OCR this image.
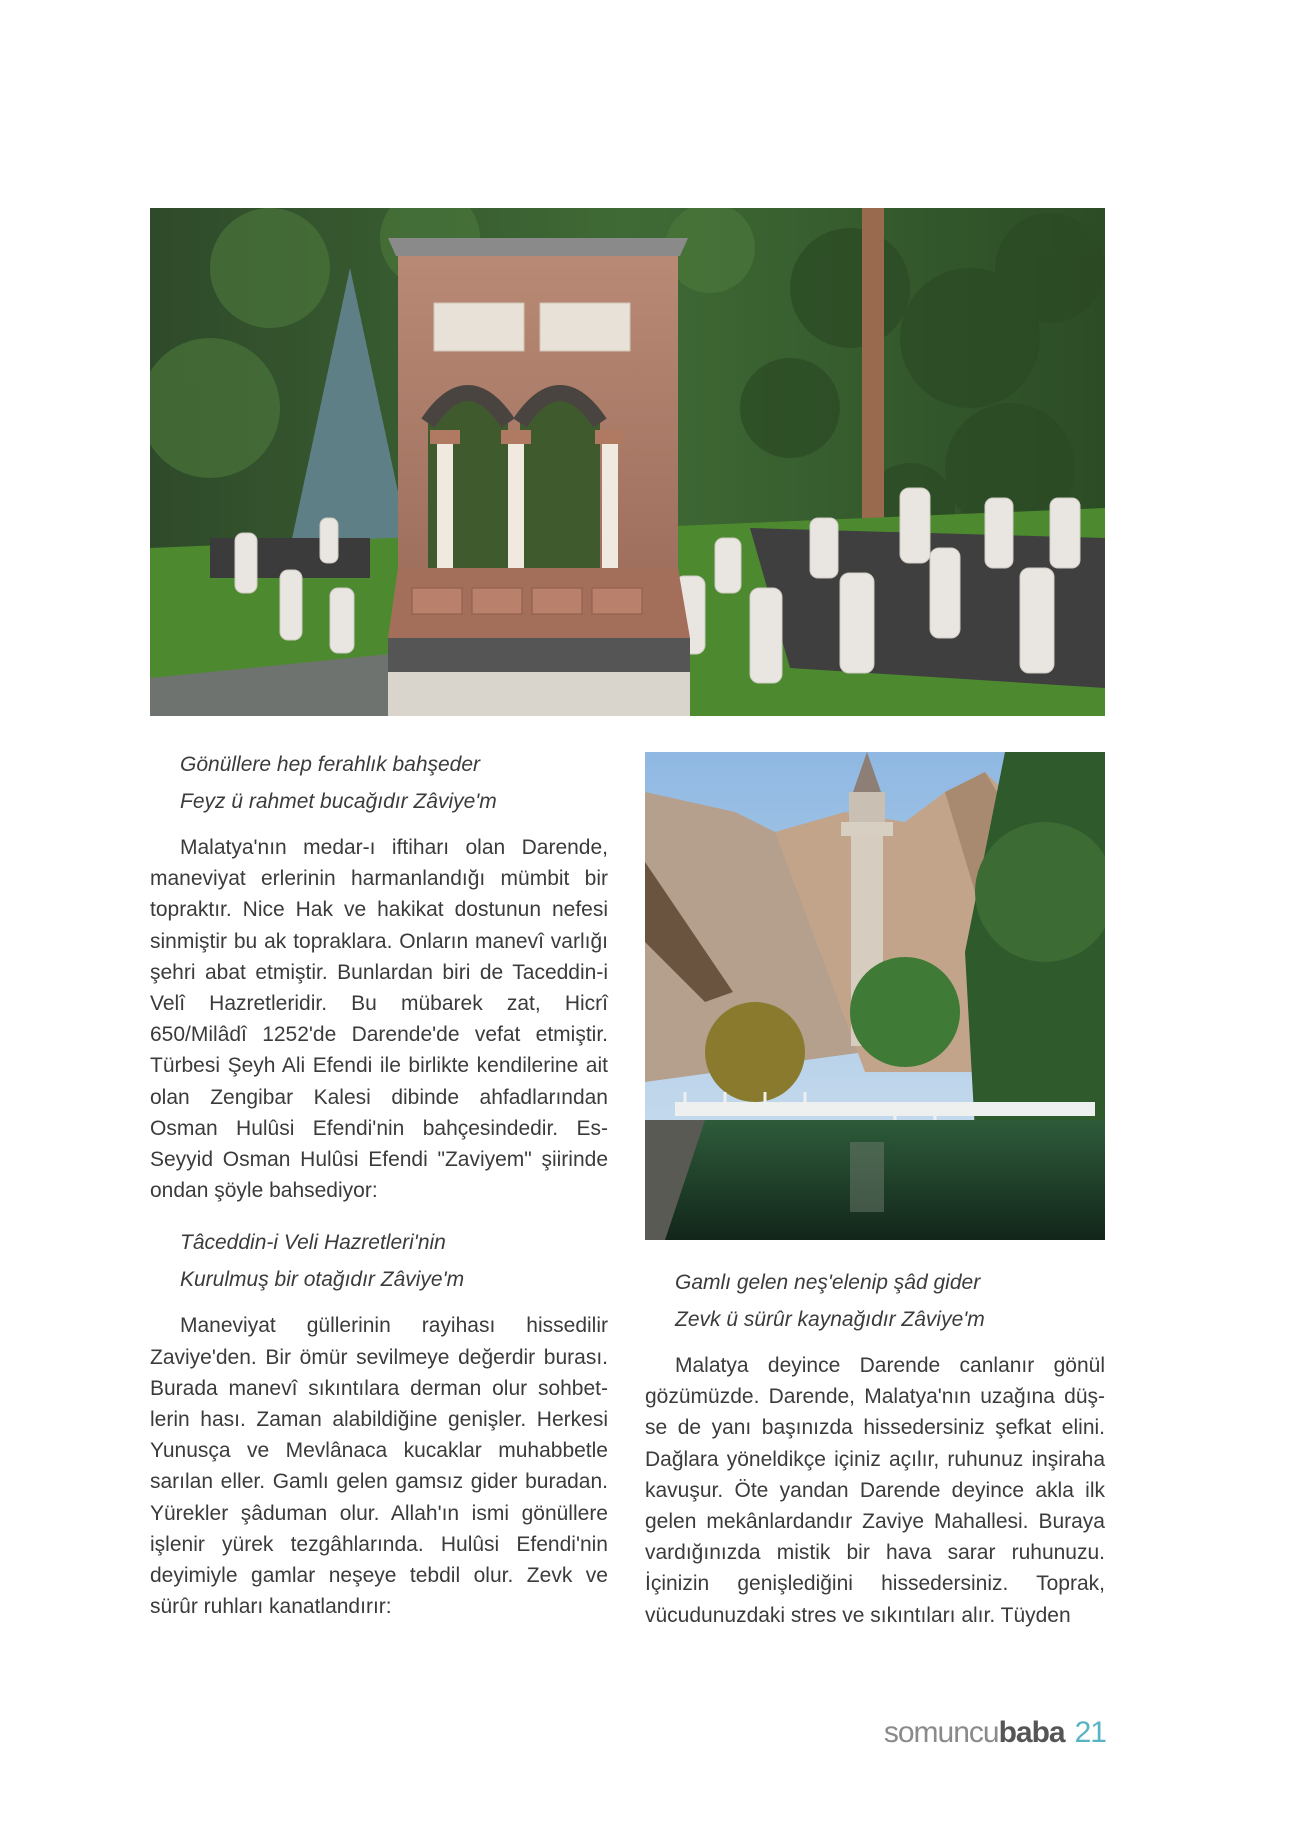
Gönüllere hep ferahlık bahşeder
Feyz ü rahmet bucağıdır Zâviye'm

Malatya'nın medar-ı iftiharı olan Darende, maneviyat erlerinin harmanlandığı mümbit bir topraktır. Nice Hak ve hakikat dostunun nefesi sinmiştir bu ak topraklara. Onların manevî varlığı şehri abat etmiştir. Bunlardan biri de Taceddin-i Velî Hazretleridir. Bu mübarek zat, Hicrî 650/Milâdî 1252'de Darende'de vefat etmiştir. Türbesi Şeyh Ali Efendi ile birlikte kendilerine ait olan Zengibar Kalesi dibinde ahfadlarından Osman Hulûsi Efendi'nin bahçesindedir. Es-Seyyid Osman Hulûsi Efendi "Zaviyem" şiirinde ondan şöyle bahsediyor:

Tâceddin-i Veli Hazretleri'nin
Kurulmuş bir otağıdır Zâviye'm

Maneviyat güllerinin rayihası hissedilir Zaviye'den. Bir ömür sevilmeye değerdir burası. Burada manevî sıkıntılara derman olur sohbetlerin hası. Zaman alabildiğine genişler. Herkesi Yunusça ve Mevlânaca kucaklar muhabbetle sarılan eller. Gamlı gelen gamsız gider buradan. Yürekler şâduman olur. Allah'ın ismi gönüllere işlenir yürek tezgâhlarında. Hulûsi Efendi'nin deyimiyle gamlar neşeye tebdil olur. Zevk ve sürûr ruhları kanatlandırır:

Gamlı gelen neş'elenip şâd gider
Zevk ü sürûr kaynağıdır Zâviye'm

Malatya deyince Darende canlanır gönül gözümüzde. Darende, Malatya'nın uzağına düşse de yanı başınızda hissedersiniz şefkat elini. Dağlara yöneldikçe içiniz açılır, ruhunuz inşiraha kavuşur. Öte yandan Darende deyince akla ilk gelen mekânlardandır Zaviye Mahallesi. Buraya vardığınızda mistik bir hava sarar ruhunuzu. İçinizin genişlediğini hissedersiniz. Toprak, vücudunuzdaki stres ve sıkıntıları alır. Tüyden

somuncubaba 21
